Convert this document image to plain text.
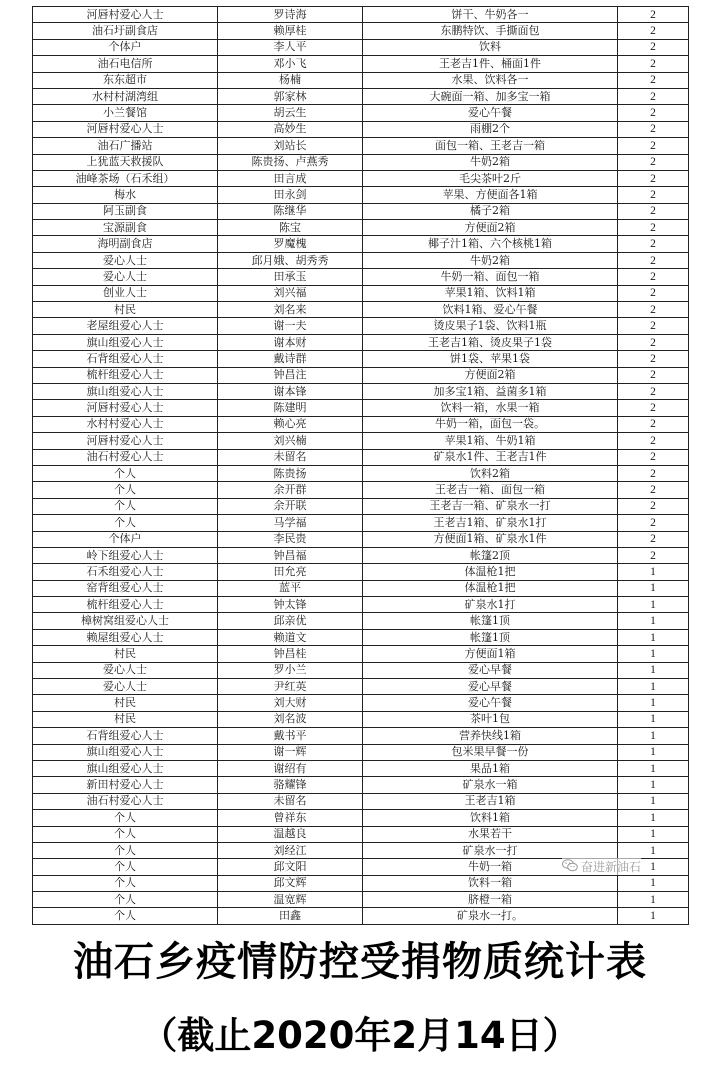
河唇村爱心人士	罗诗海	饼干、牛奶各一	2
油石圩副食店	赖厚桂	东鹏特饮、手撕面包	2
个体户	李人平	饮料	2
油石电信所	邓小飞	王老吉1件、桶面1件	2
东东超市	杨楠	水果、饮料各一	2
水村村湖湾组	郭家林	大碗面一箱、加多宝一箱	2
小兰餐馆	胡云生	爱心午餐	2
河唇村爱心人士	高妙生	雨棚2个	2
油石广播站	刘站长	面包一箱、王老吉一箱	2
上犹蓝天救援队	陈贵扬、卢燕秀	牛奶2箱	2
油峰茶场（石禾组）	田言成	毛尖茶叶2斤	2
梅水	田永剑	苹果、方便面各1箱	2
阿玉副食	陈继华	橘子2箱	2
宝源副食	陈宝	方便面2箱	2
海明副食店	罗魔槐	椰子汁1箱、六个核桃1箱	2
爱心人士	邱月娥、胡秀秀	牛奶2箱	2
爱心人士	田承玉	牛奶一箱、面包一箱	2
创业人士	刘兴福	苹果1箱、饮料1箱	2
村民	刘名来	饮料1箱、爱心午餐	2
老屋组爱心人士	谢一夫	烫皮果子1袋、饮料1瓶	2
旗山组爱心人士	谢本财	王老吉1箱、烫皮果子1袋	2
石背组爱心人士	戴诗群	饼1袋、苹果1袋	2
梳杆组爱心人士	钟昌注	方便面2箱	2
旗山组爱心人士	谢本锋	加多宝1箱、益菌多1箱	2
河唇村爱心人士	陈建明	饮料一箱，水果一箱	2
水村村爱心人士	赖心亮	牛奶一箱，面包一袋。	2
河唇村爱心人士	刘兴楠	苹果1箱、牛奶1箱	2
油石村爱心人士	未留名	矿泉水1件、王老吉1件	2
个人	陈贵扬	饮料2箱	2
个人	余开群	王老吉一箱、面包一箱	2
个人	余开联	王老吉一箱、矿泉水一打	2
个人	马学福	王老吉1箱、矿泉水1打	2
个体户	李民贵	方便面1箱、矿泉水1件	2
岭下组爱心人士	钟昌福	帐篷2顶	2
石禾组爱心人士	田允亮	体温枪1把	1
窑背组爱心人士	蓝平	体温枪1把	1
梳杆组爱心人士	钟太锋	矿泉水1打	1
樟树窝组爱心人士	邱亲优	帐篷1顶	1
赖屋组爱心人士	赖道文	帐篷1顶	1
村民	钟昌桂	方便面1箱	1
爱心人士	罗小兰	爱心早餐	1
爱心人士	尹红英	爱心早餐	1
村民	刘大财	爱心午餐	1
村民	刘名波	茶叶1包	1
石背组爱心人士	戴书平	营养快线1箱	1
旗山组爱心人士	谢一辉	包米果早餐一份	1
旗山组爱心人士	谢绍有	果品1箱	1
新田村爱心人士	骆耀锋	矿泉水一箱	1
油石村爱心人士	未留名	王老吉1箱	1
个人	曾祥东	饮料1箱	1
个人	温越良	水果若干	1
个人	刘经江	矿泉水一打	1
个人	邱文阳	牛奶一箱	1
个人	邱文辉	饮料一箱	1
个人	温宽辉	脐橙一箱	1
个人	田鑫	矿泉水一打。	1
奋进新油石
油石乡疫情防控受捐物质统计表
（截止2020年2月14日）
